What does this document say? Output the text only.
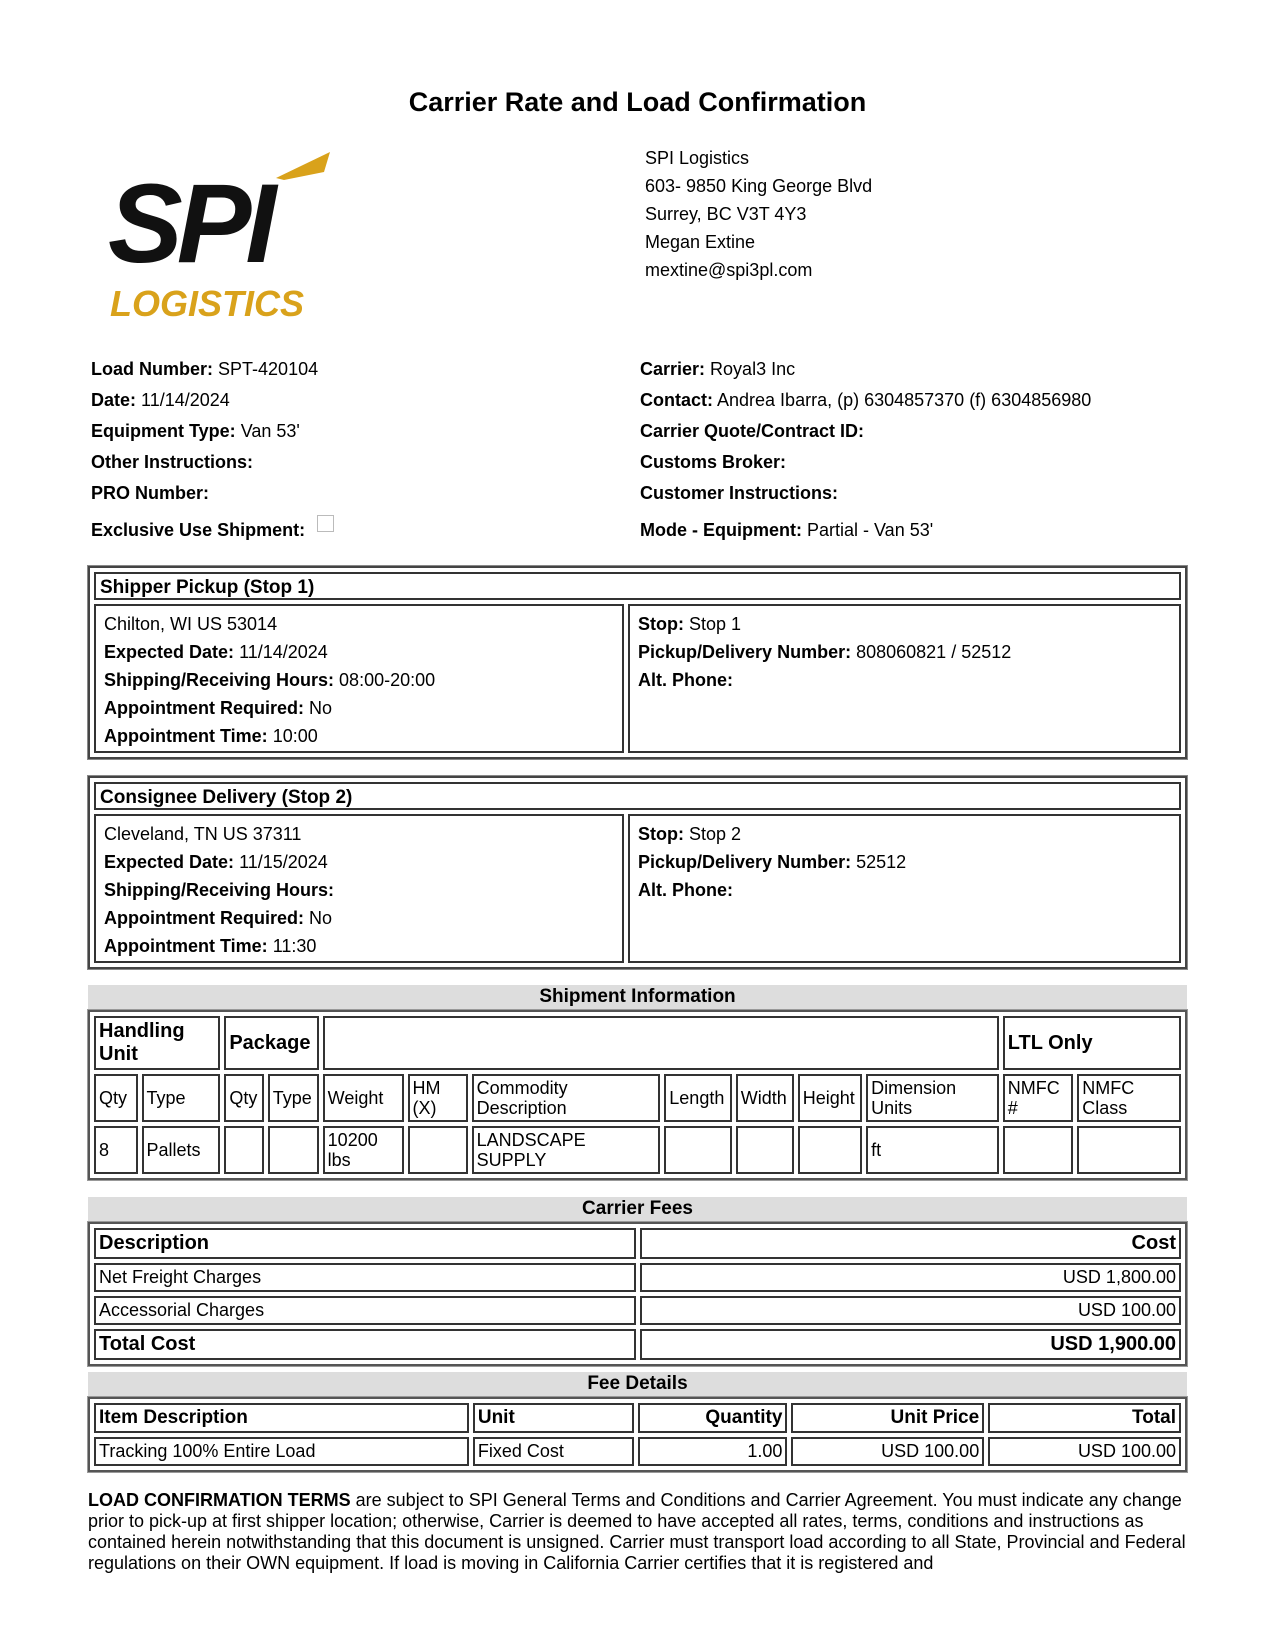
Carrier Rate and Load Confirmation
SPI
LOGISTICS
SPI Logistics
603- 9850 King George Blvd
Surrey, BC V3T 4Y3
Megan Extine
mextine@spi3pl.com
Load Number: SPT-420104
Date: 11/14/2024
Equipment Type: Van 53'
Other Instructions:
PRO Number:
Exclusive Use Shipment:
Carrier: Royal3 Inc
Contact: Andrea Ibarra, (p) 6304857370 (f) 6304856980
Carrier Quote/Contract ID:
Customs Broker:
Customer Instructions:
Mode - Equipment: Partial - Van 53'
Shipper Pickup (Stop 1)
Chilton, WI US 53014
Expected Date: 11/14/2024
Shipping/Receiving Hours: 08:00-20:00
Appointment Required: No
Appointment Time: 10:00
Stop: Stop 1
Pickup/Delivery Number: 808060821 / 52512
Alt. Phone:
Consignee Delivery (Stop 2)
Cleveland, TN US 37311
Expected Date: 11/15/2024
Shipping/Receiving Hours:
Appointment Required: No
Appointment Time: 11:30
Stop: Stop 2
Pickup/Delivery Number: 52512
Alt. Phone:
Shipment Information
Handling Unit		Package									LTL Only	
Qty	Type	Qty	Type	Weight	HM (X)	Commodity Description	Length	Width	Height	Dimension Units	NMFC #	NMFC Class
8	Pallets			10200 lbs		LANDSCAPE SUPPLY				ft		
Carrier Fees
Description	Cost
Net Freight Charges	USD 1,800.00
Accessorial Charges	USD 100.00
Total Cost	USD 1,900.00
Fee Details
Item Description	Unit	Quantity	Unit Price	Total
Tracking 100% Entire Load	Fixed Cost	1.00	USD 100.00	USD 100.00
LOAD CONFIRMATION TERMS are subject to SPI General Terms and Conditions and Carrier Agreement. You must indicate any change prior to pick-up at first shipper location; otherwise, Carrier is deemed to have accepted all rates, terms, conditions and instructions as contained herein notwithstanding that this document is unsigned. Carrier must transport load according to all State, Provincial and Federal regulations on their OWN equipment. If load is moving in California Carrier certifies that it is registered and
